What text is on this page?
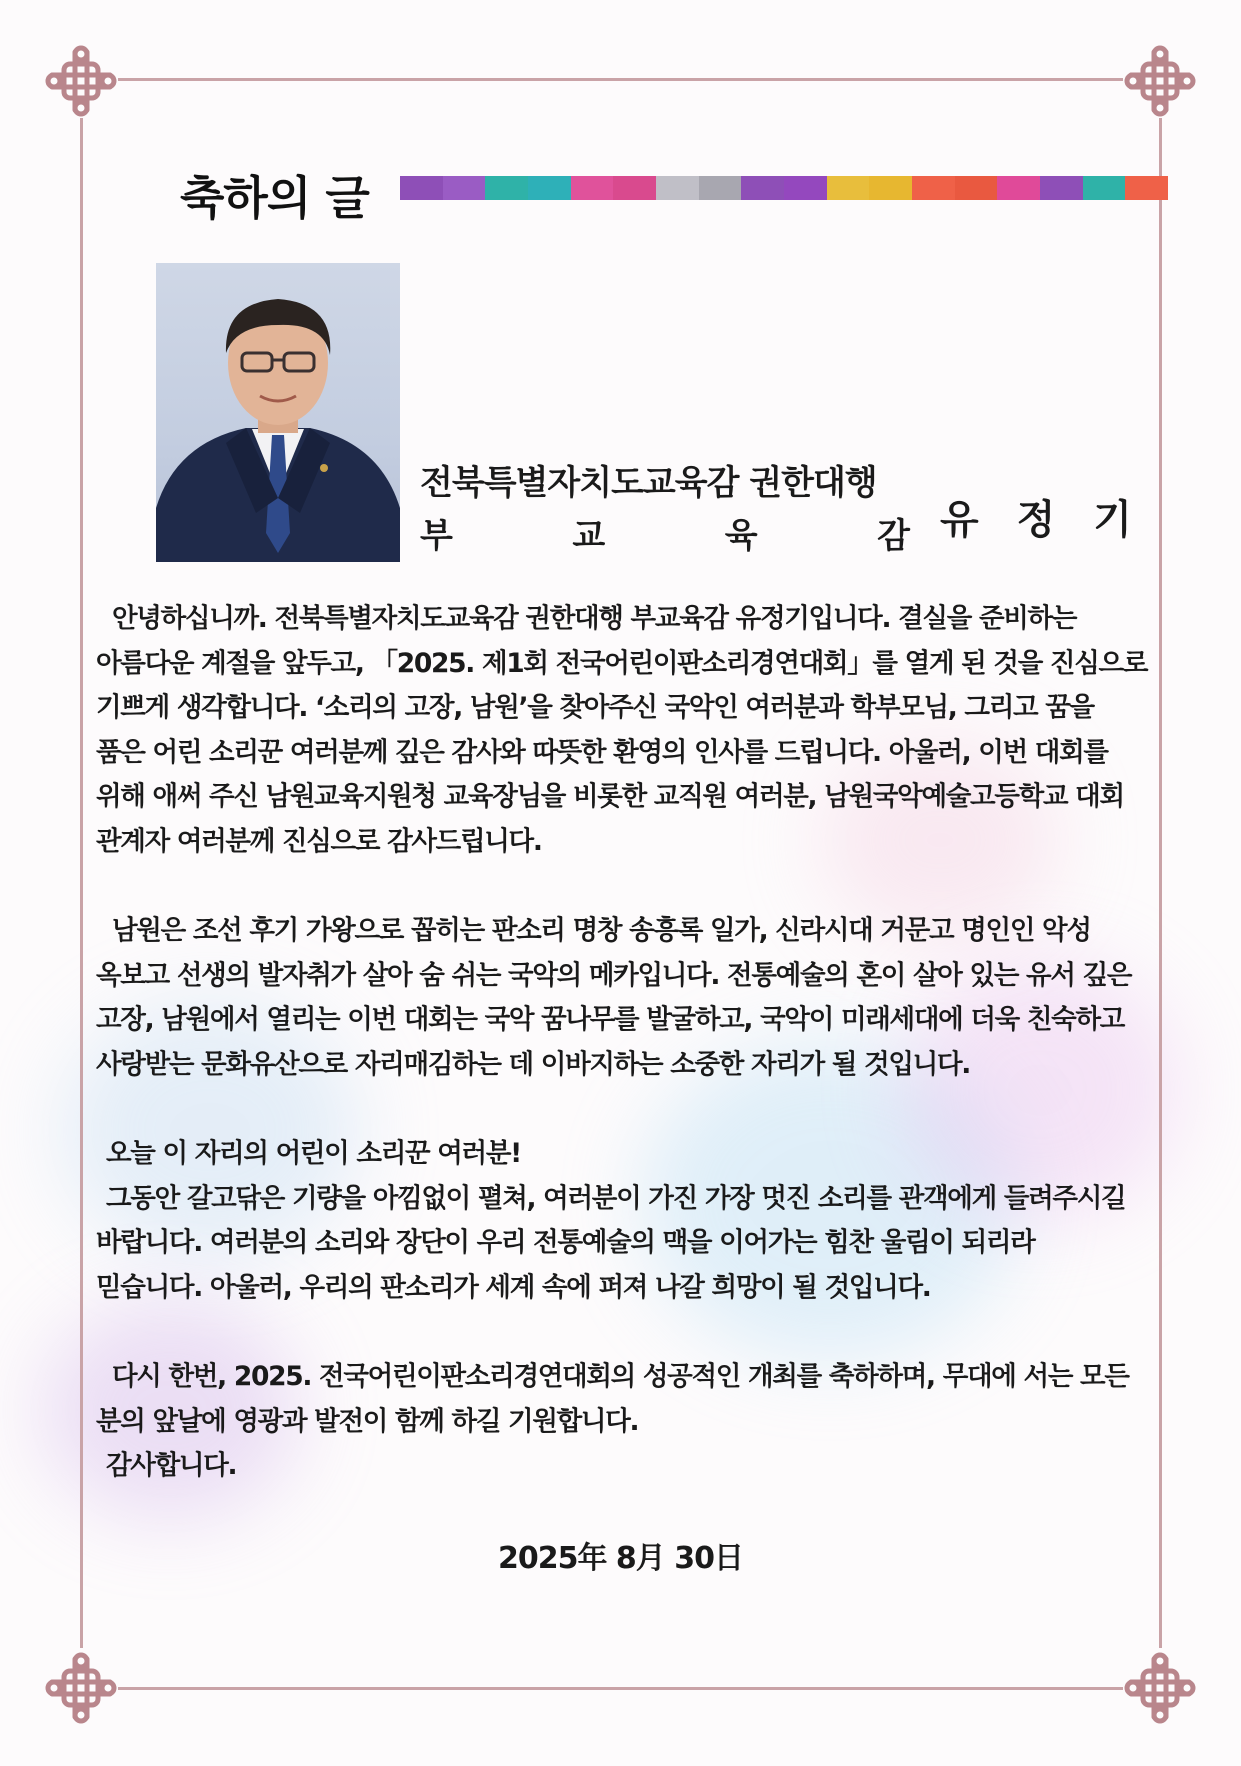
축하의 글
전북특별자치도교육감 권한대행
부	교	육	감 유정기

안녕하십니까. 전북특별자치도교육감 권한대행 부교육감 유정기입니다. 결실을 준비하는 아름다운 계절을 앞두고, 「2025. 제1회 전국어린이판소리경연대회」를 열게 된 것을 진심으로 기쁘게 생각합니다. ‘소리의 고장, 남원’을 찾아주신 국악인 여러분과 학부모님, 그리고 꿈을 품은 어린 소리꾼 여러분께 깊은 감사와 따뜻한 환영의 인사를 드립니다. 아울러, 이번 대회를 위해 애써 주신 남원교육지원청 교육장님을 비롯한 교직원 여러분, 남원국악예술고등학교 대회 관계자 여러분께 진심으로 감사드립니다.

남원은 조선 후기 가왕으로 꼽히는 판소리 명창 송흥록 일가, 신라시대 거문고 명인인 악성 옥보고 선생의 발자취가 살아 숨 쉬는 국악의 메카입니다. 전통예술의 혼이 살아 있는 유서 깊은 고장, 남원에서 열리는 이번 대회는 국악 꿈나무를 발굴하고, 국악이 미래세대에 더욱 친숙하고 사랑받는 문화유산으로 자리매김하는 데 이바지하는 소중한 자리가 될 것입니다.

오늘 이 자리의 어린이 소리꾼 여러분!

그동안 갈고닦은 기량을 아낌없이 펼쳐, 여러분이 가진 가장 멋진 소리를 관객에게 들려주시길 바랍니다. 여러분의 소리와 장단이 우리 전통예술의 맥을 이어가는 힘찬 울림이 되리라 믿습니다. 아울러, 우리의 판소리가 세계 속에 퍼져 나갈 희망이 될 것입니다.

다시 한번, 2025. 전국어린이판소리경연대회의 성공적인 개최를 축하하며, 무대에 서는 모든 분의 앞날에 영광과 발전이 함께 하길 기원합니다.

감사합니다.

2025年 8月 30日
